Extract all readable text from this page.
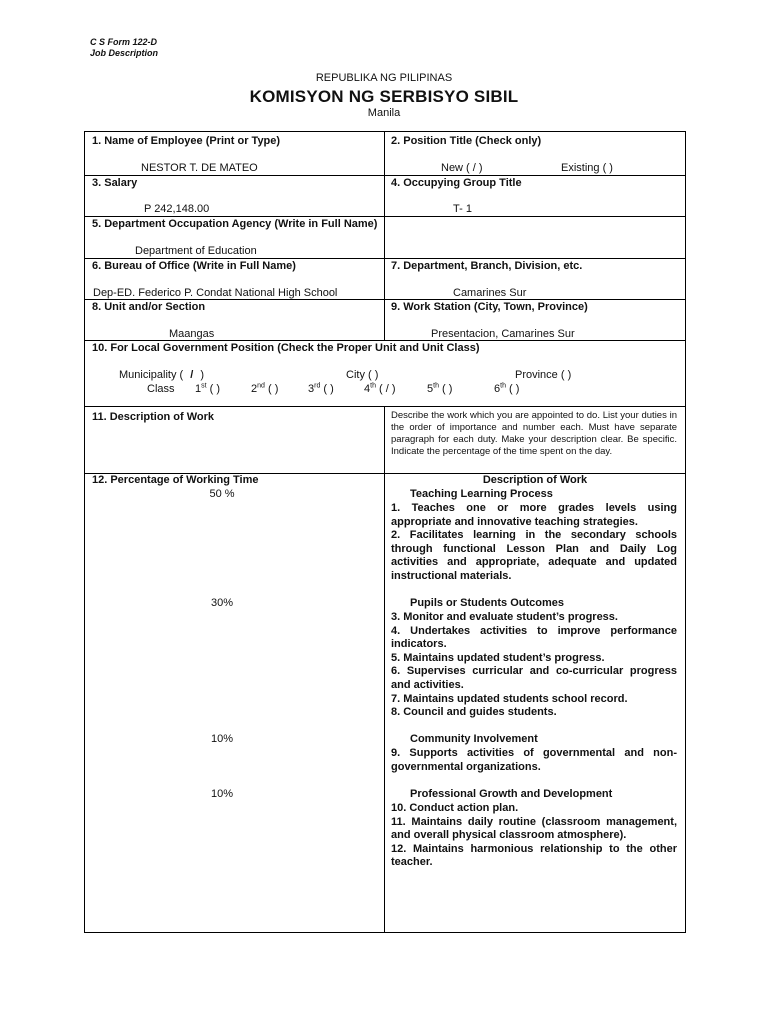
C S Form 122-D
Job Description
REPUBLIKA NG PILIPINAS
KOMISYON NG SERBISYO SIBIL
Manila
1. Name of Employee (Print or Type)
NESTOR T. DE MATEO
2. Position Title (Check only)
New ( / )	Existing ( )
3. Salary
P 242,148.00
4. Occupying Group Title
T- 1
5. Department Occupation Agency (Write in Full Name)
Department of Education
6. Bureau of Office (Write in Full Name)
Dep-ED. Federico P. Condat National High School
7. Department, Branch, Division, etc.
Camarines Sur
8. Unit and/or Section
Maangas
9. Work Station (City, Town, Province)
Presentacion, Camarines Sur
10. For Local Government Position (Check the Proper Unit and Unit Class)
Municipality ( / )	City ( )	Province ( )
Class 1st ( )	2nd ( )	3rd ( )	4th ( / )	5th ( )	6th ( )
11. Description of Work	Describe the work which you are appointed to do. List your duties in the order of importance and number each. Must have separate paragraph for each duty. Make your description clear. Be specific. Indicate the percentage of the time spent on the day.
12. Percentage of Working Time	Description of Work
50 %	Teaching Learning Process

1. Teaches one or more grades levels using appropriate and innovative teaching strategies.

2. Facilitates learning in the secondary schools through functional Lesson Plan and Daily Log activities and appropriate, adequate and updated instructional materials.

30%	Pupils or Students Outcomes

3. Monitor and evaluate student’s progress.

4. Undertakes activities to improve performance indicators.

5. Maintains updated student’s progress.

6. Supervises curricular and co-curricular progress and activities.

7. Maintains updated students school record.

8. Council and guides students.

10%	Community Involvement

9. Supports activities of governmental and non-governmental organizations.

10%	Professional Growth and Development

10. Conduct action plan.

11. Maintains daily routine (classroom management, and overall physical classroom atmosphere).

12. Maintains harmonious relationship to the other teacher.
